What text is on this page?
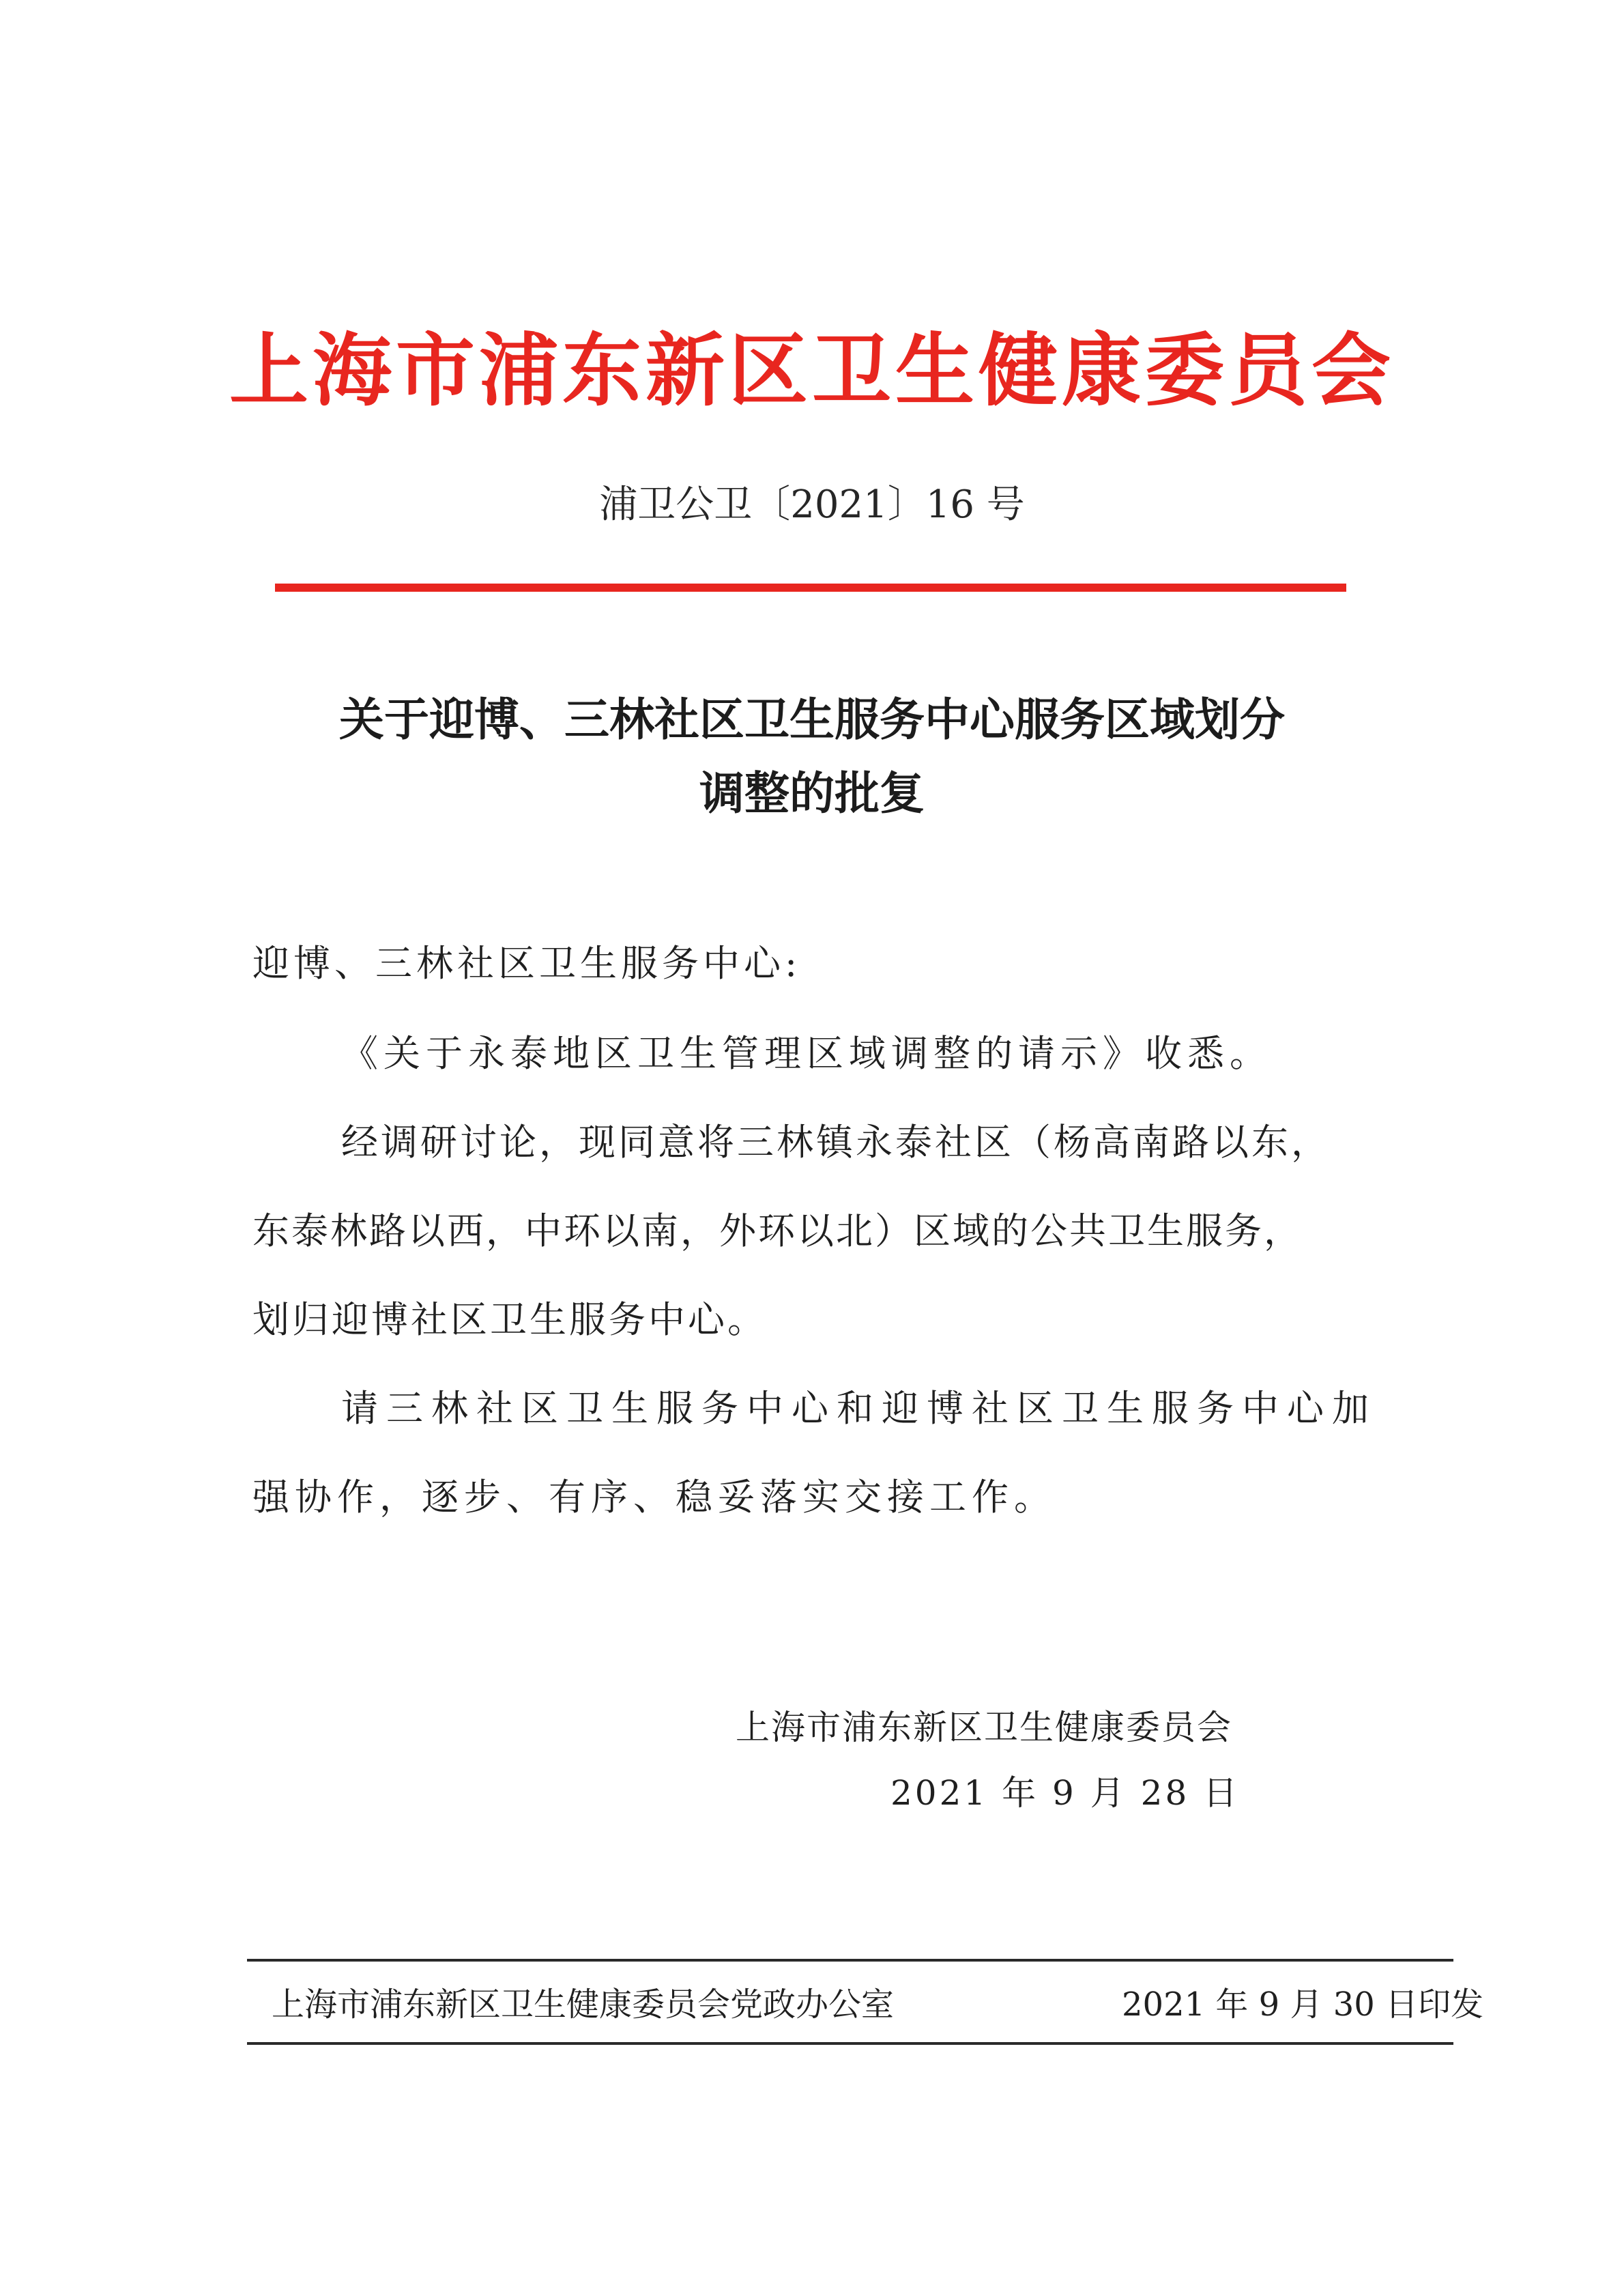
上海市浦东新区卫生健康委员会
浦卫公卫〔2021〕16 号
关于迎博、三林社区卫生服务中心服务区域划分
调整的批复
迎博、三林社区卫生服务中心:
《关于永泰地区卫生管理区域调整的请示》收悉。
经调研讨论，现同意将三林镇永泰社区（杨高南路以东，
东泰林路以西，中环以南，外环以北）区域的公共卫生服务，
划归迎博社区卫生服务中心。
请三林社区卫生服务中心和迎博社区卫生服务中心加
强协作，逐步、有序、稳妥落实交接工作。
上海市浦东新区卫生健康委员会
2021 年 9 月 28 日
上海市浦东新区卫生健康委员会党政办公室	2021 年 9 月 30 日印发
